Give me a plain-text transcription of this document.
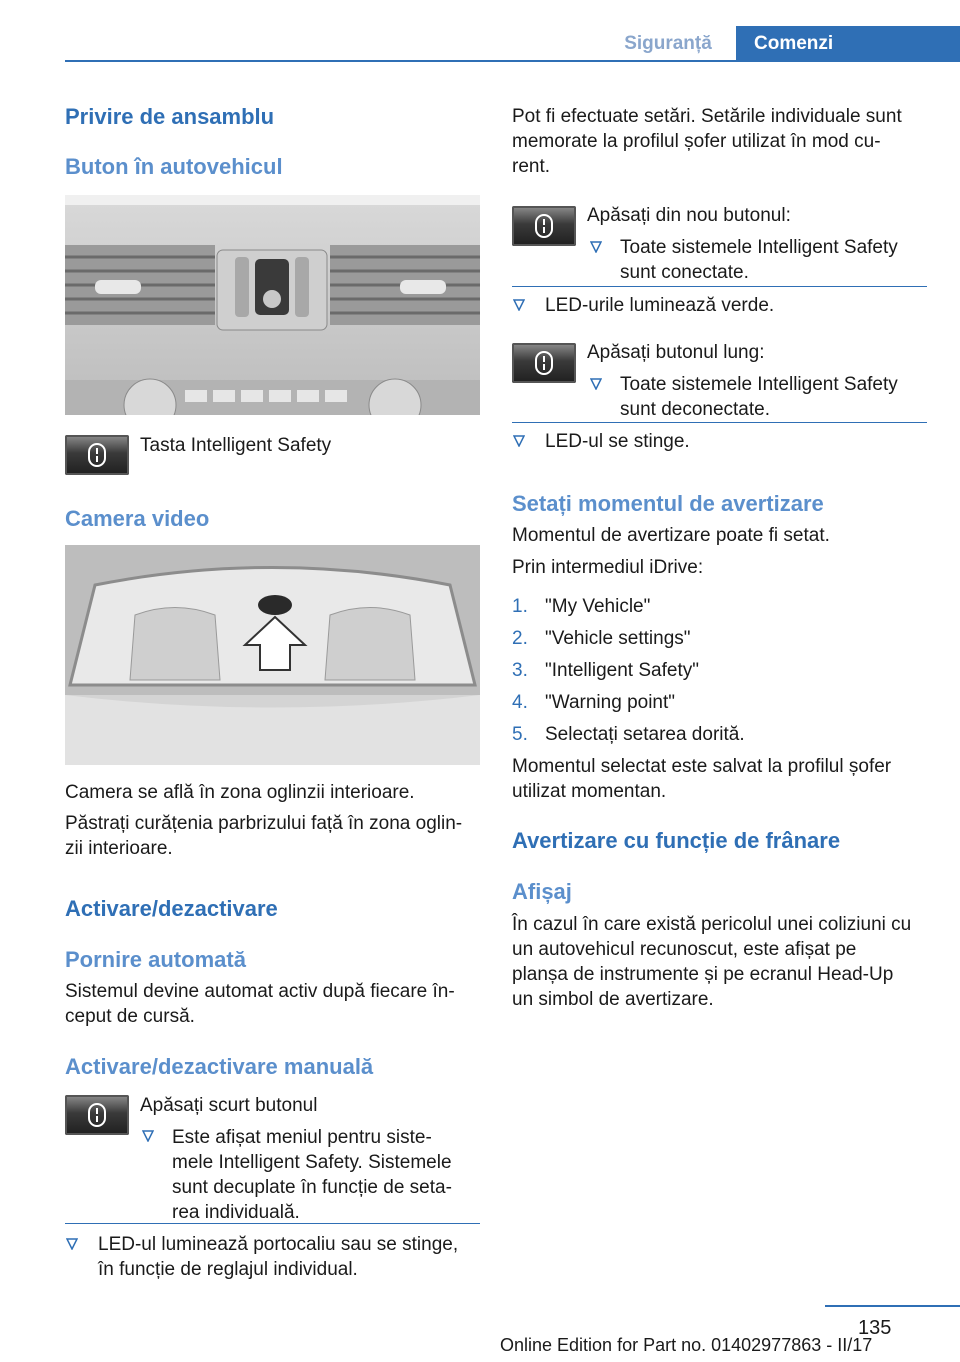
Siguranță	Comenzi
Privire de ansamblu
Buton în autovehicul
Tasta Intelligent Safety
Camera video
Camera se află în zona oglinzii interioare.
Păstrați curățenia parbrizului față în zona oglin-
zii interioare.
Activare/dezactivare
Pornire automată
Sistemul devine automat activ după fiecare în-
ceput de cursă.
Activare/dezactivare manuală
Apăsați scurt butonul
Este afișat meniul pentru siste-
mele Intelligent Safety. Sistemele
sunt decuplate în funcție de seta-
rea individuală.
LED-ul luminează portocaliu sau se stinge,
în funcție de reglajul individual.
Pot fi efectuate setări. Setările individuale sunt
memorate la profilul șofer utilizat în mod cu-
rent.
Apăsați din nou butonul:
Toate sistemele Intelligent Safety
sunt conectate.
LED-urile luminează verde.
Apăsați butonul lung:
Toate sistemele Intelligent Safety
sunt deconectate.
LED-ul se stinge.
Setați momentul de avertizare
Momentul de avertizare poate fi setat.
Prin intermediul iDrive:
1. "My Vehicle"
2. "Vehicle settings"
3. "Intelligent Safety"
4. "Warning point"
5. Selectați setarea dorită.
Momentul selectat este salvat la profilul șofer
utilizat momentan.
Avertizare cu funcție de frânare
Afișaj
În cazul în care există pericolul unei coliziuni cu
un autovehicul recunoscut, este afișat pe
planșa de instrumente și pe ecranul Head-Up
un simbol de avertizare.
135
Online Edition for Part no. 01402977863 - II/17
